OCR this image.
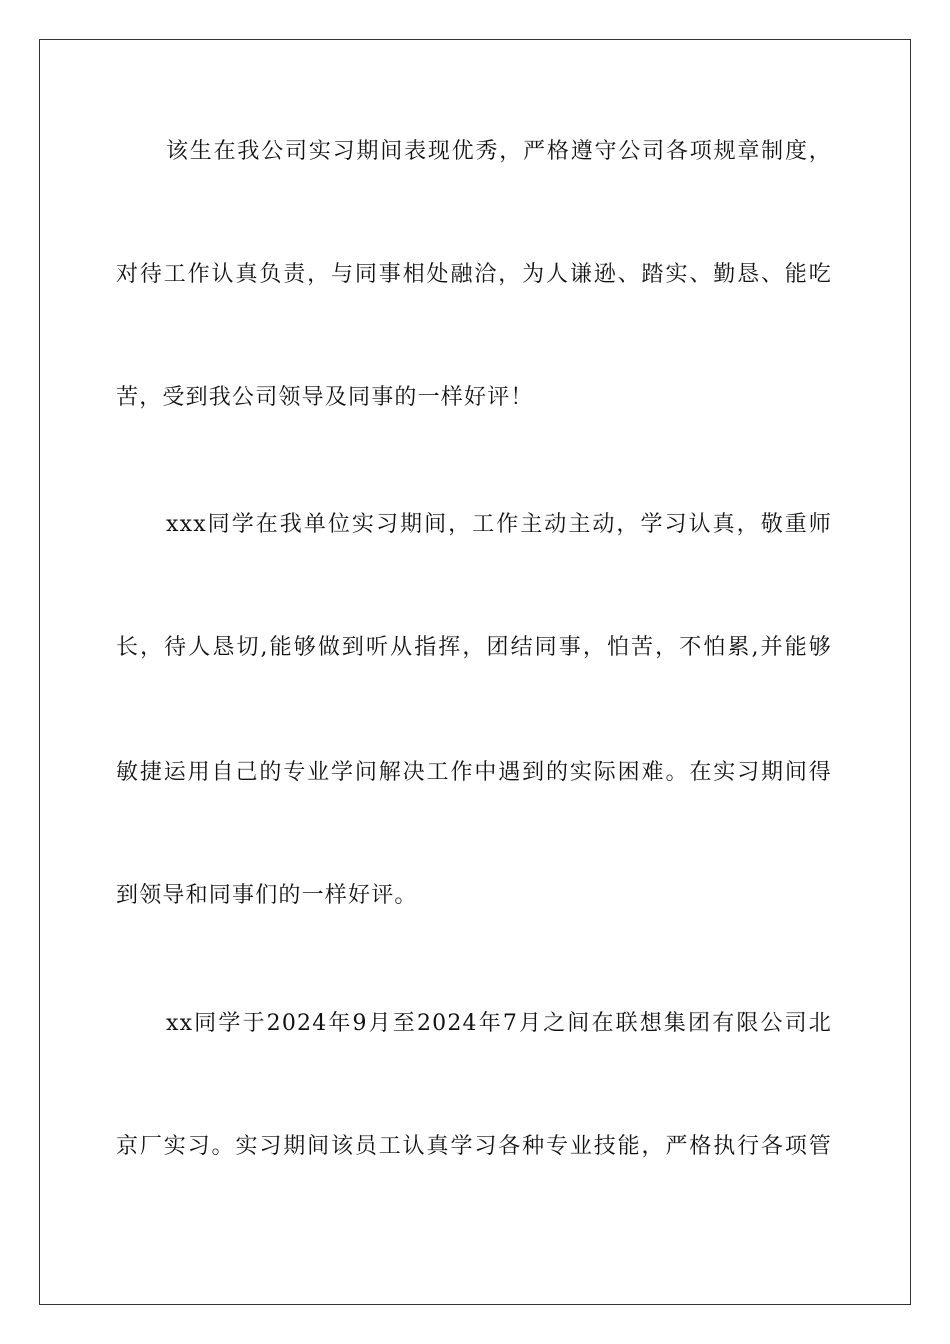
该生在我公司实习期间表现优秀，严格遵守公司各项规章制度，
对待工作认真负责，与同事相处融洽，为人谦逊、踏实、勤恳、能吃
苦，受到我公司领导及同事的一样好评！
xxx同学在我单位实习期间，工作主动主动，学习认真，敬重师
长，待人恳切,能够做到听从指挥，团结同事，怕苦，不怕累,并能够
敏捷运用自己的专业学问解决工作中遇到的实际困难。在实习期间得
到领导和同事们的一样好评。
xx同学于2024年9月至2024年7月之间在联想集团有限公司北
京厂实习。实习期间该员工认真学习各种专业技能，严格执行各项管
